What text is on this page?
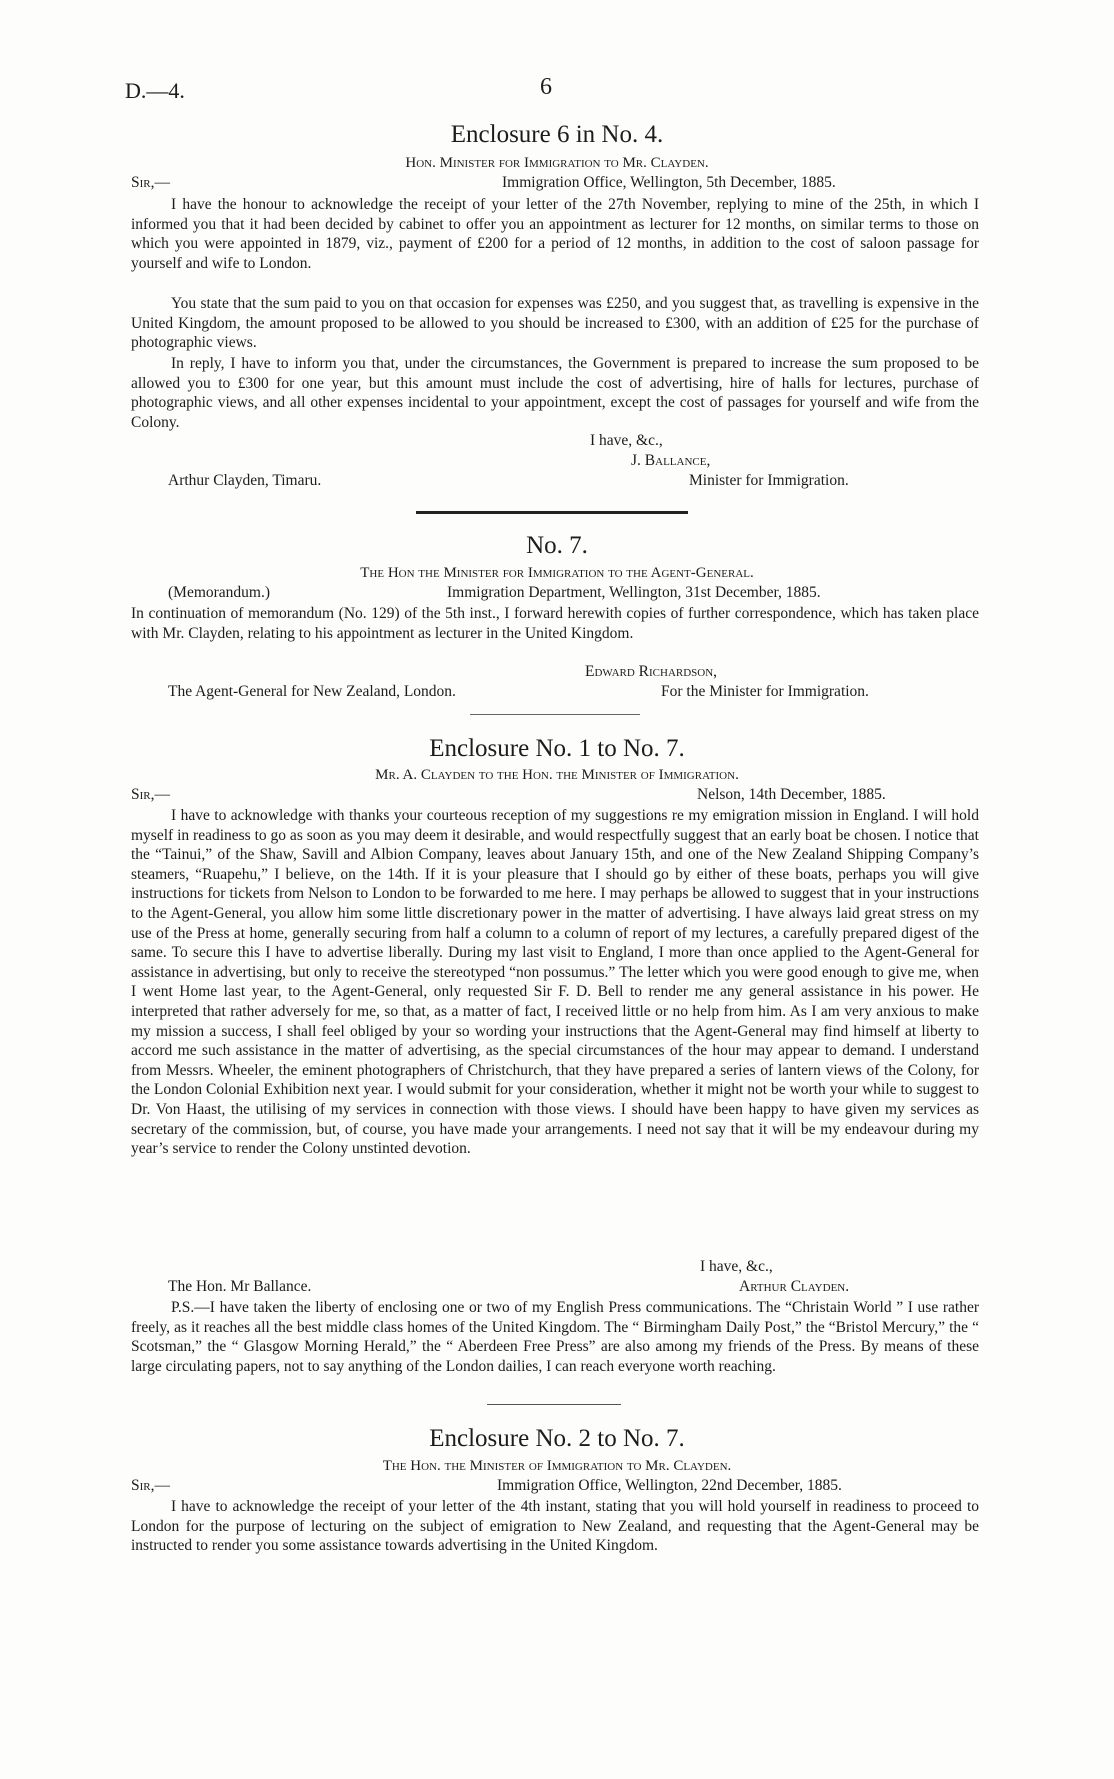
D.—4.	6
Enclosure 6 in No. 4.
Hon. Minister for Immigration to Mr. Clayden.
Sir,—	Immigration Office, Wellington, 5th December, 1885.

I have the honour to acknowledge the receipt of your letter of the 27th November, replying to mine of the 25th, in which I informed you that it had been decided by cabinet to offer you an appointment as lecturer for 12 months, on similar terms to those on which you were appointed in 1879, viz., payment of £200 for a period of 12 months, in addition to the cost of saloon passage for yourself and wife to London.

You state that the sum paid to you on that occasion for expenses was £250, and you suggest that, as travelling is expensive in the United Kingdom, the amount proposed to be allowed to you should be increased to £300, with an addition of £25 for the purchase of photographic views.

In reply, I have to inform you that, under the circumstances, the Government is prepared to increase the sum proposed to be allowed you to £300 for one year, but this amount must include the cost of advertising, hire of halls for lectures, purchase of photographic views, and all other expenses incidental to your appointment, except the cost of passages for yourself and wife from the Colony.

I have, &c.,
J. Ballance,
Arthur Clayden, Timaru.	Minister for Immigration.
No. 7.
The Hon the Minister for Immigration to the Agent-General.
(Memorandum.)	Immigration Department, Wellington, 31st December, 1885.

In continuation of memorandum (No. 129) of the 5th inst., I forward herewith copies of further correspondence, which has taken place with Mr. Clayden, relating to his appointment as lecturer in the United Kingdom.

Edward Richardson,
The Agent-General for New Zealand, London.	For the Minister for Immigration.
Enclosure No. 1 to No. 7.
Mr. A. Clayden to the Hon. the Minister of Immigration.
Sir,—	Nelson, 14th December, 1885.

I have to acknowledge with thanks your courteous reception of my suggestions re my emigration mission in England. I will hold myself in readiness to go as soon as you may deem it desirable, and would respectfully suggest that an early boat be chosen. I notice that the “Tainui,” of the Shaw, Savill and Albion Company, leaves about January 15th, and one of the New Zealand Shipping Company’s steamers, “Ruapehu,” I believe, on the 14th. If it is your pleasure that I should go by either of these boats, perhaps you will give instructions for tickets from Nelson to London to be forwarded to me here. I may perhaps be allowed to suggest that in your instructions to the Agent-General, you allow him some little discretionary power in the matter of advertising. I have always laid great stress on my use of the Press at home, generally securing from half a column to a column of report of my lectures, a carefully prepared digest of the same. To secure this I have to advertise liberally. During my last visit to England, I more than once applied to the Agent-General for assistance in advertising, but only to receive the stereotyped “non possumus.” The letter which you were good enough to give me, when I went Home last year, to the Agent-General, only requested Sir F. D. Bell to render me any general assistance in his power. He interpreted that rather adversely for me, so that, as a matter of fact, I received little or no help from him. As I am very anxious to make my mission a success, I shall feel obliged by your so wording your instructions that the Agent-General may find himself at liberty to accord me such assistance in the matter of advertising, as the special circumstances of the hour may appear to demand. I understand from Messrs. Wheeler, the eminent photographers of Christchurch, that they have prepared a series of lantern views of the Colony, for the London Colonial Exhibition next year. I would submit for your consideration, whether it might not be worth your while to suggest to Dr. Von Haast, the utilising of my services in connection with those views. I should have been happy to have given my services as secretary of the commission, but, of course, you have made your arrangements. I need not say that it will be my endeavour during my year’s service to render the Colony unstinted devotion.

I have, &c.,
The Hon. Mr Ballance.	Arthur Clayden.

P.S.—I have taken the liberty of enclosing one or two of my English Press communications. The “Christain World ” I use rather freely, as it reaches all the best middle class homes of the United Kingdom. The “ Birmingham Daily Post,” the “Bristol Mercury,” the “ Scotsman,” the “ Glasgow Morning Herald,” the “ Aberdeen Free Press” are also among my friends of the Press. By means of these large circulating papers, not to say anything of the London dailies, I can reach everyone worth reaching.

Enclosure No. 2 to No. 7.
The Hon. the Minister of Immigration to Mr. Clayden.
Sir,—	Immigration Office, Wellington, 22nd December, 1885.

I have to acknowledge the receipt of your letter of the 4th instant, stating that you will hold yourself in readiness to proceed to London for the purpose of lecturing on the subject of emigration to New Zealand, and requesting that the Agent-General may be instructed to render you some assistance towards advertising in the United Kingdom.
